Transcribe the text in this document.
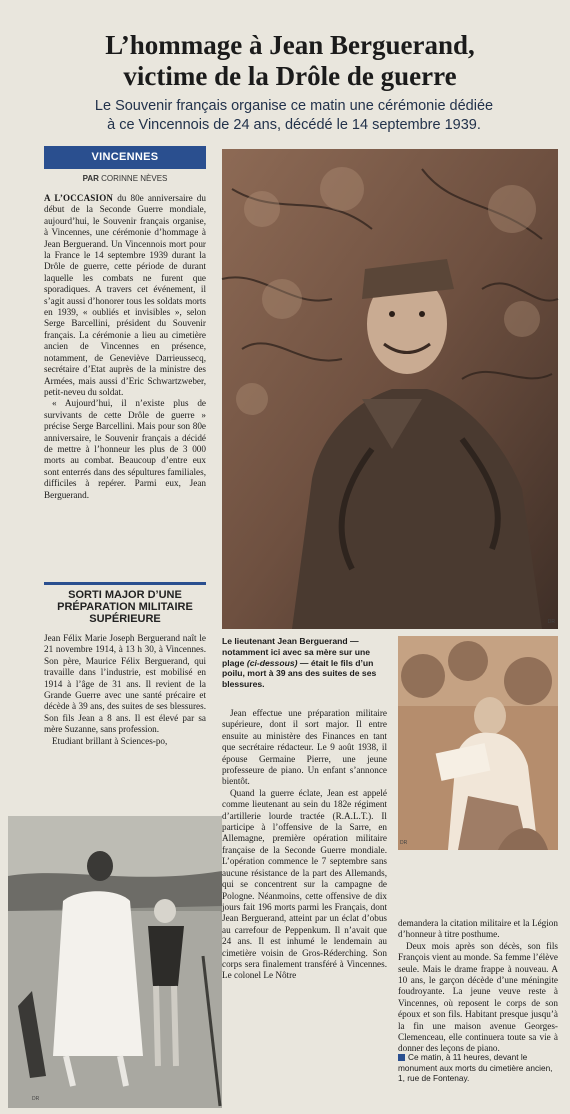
L’hommage à Jean Berguerand,
victime de la Drôle de guerre
Le Souvenir français organise ce matin une cérémonie dédiée
à ce Vincennois de 24 ans, décédé le 14 septembre 1939.
VINCENNES
PAR CORINNE NÈVES

A L’OCCASION du 80e anniversaire du début de la Seconde Guerre mondiale, aujourd’hui, le Souvenir français organise, à Vincennes, une cérémonie d’hommage à Jean Berguerand. Un Vincennois mort pour la France le 14 septembre 1939 durant la Drôle de guerre, cette période de durant laquelle les combats ne furent que sporadiques. A travers cet événement, il s’agit aussi d’honorer tous les soldats morts en 1939, « oubliés et invisibles », selon Serge Barcellini, président du Souvenir français. La cérémonie a lieu au cimetière ancien de Vincennes en présence, notamment, de Geneviève Darrieussecq, secrétaire d’Etat auprès de la ministre des Armées, mais aussi d’Eric Schwartzweber, petit-neveu du soldat.

« Aujourd’hui, il n’existe plus de survivants de cette Drôle de guerre » précise Serge Barcellini. Mais pour son 80e anniversaire, le Souvenir français a décidé de mettre à l’honneur les plus de 3 000 morts au combat. Beaucoup d’entre eux sont enterrés dans des sépultures familiales, difficiles à repérer. Parmi eux, Jean Berguerand.

SORTI MAJOR D’UNE PRÉPARATION MILITAIRE SUPÉRIEURE

Jean Félix Marie Joseph Berguerand naît le 21 novembre 1914, à 13 h 30, à Vincennes. Son père, Maurice Félix Berguerand, qui travaille dans l’industrie, est mobilisé en 1914 à l’âge de 31 ans. Il revient de la Grande Guerre avec une santé précaire et décède à 39 ans, des suites de ses blessures. Son fils Jean a 8 ans. Il est élevé par sa mère Suzanne, sans profession.

Etudiant brillant à Sciences-po,

DR
Le lieutenant Jean Berguerand — notamment ici avec sa mère sur une plage (ci-dessous) — était le fils d’un poilu, mort à 39 ans des suites de ses blessures.
DR
DR

Jean effectue une préparation militaire supérieure, dont il sort major. Il entre ensuite au ministère des Finances en tant que secrétaire rédacteur. Le 9 août 1938, il épouse Germaine Pierre, une jeune professeure de piano. Un enfant s’annonce bientôt.

Quand la guerre éclate, Jean est appelé comme lieutenant au sein du 182e régiment d’artillerie lourde tractée (R.A.L.T.). Il participe à l’offensive de la Sarre, en Allemagne, première opération militaire française de la Seconde Guerre mondiale. L’opération commence le 7 septembre sans aucune résistance de la part des Allemands, qui se concentrent sur la campagne de Pologne. Néanmoins, cette offensive de dix jours fait 196 morts parmi les Français, dont Jean Berguerand, atteint par un éclat d’obus au carrefour de Peppenkum. Il n’avait que 24 ans. Il est inhumé le lendemain au cimetière voisin de Gros-Réderching. Son corps sera finalement transféré à Vincennes. Le colonel Le Nôtre

demandera la citation militaire et la Légion d’honneur à titre posthume.

Deux mois après son décès, son fils François vient au monde. Sa femme l’élève seule. Mais le drame frappe à nouveau. A 10 ans, le garçon décède d’une méningite foudroyante. La jeune veuve reste à Vincennes, où reposent le corps de son époux et son fils. Habitant presque jusqu’à la fin une maison avenue Georges-Clemenceau, elle continuera toute sa vie à donner des leçons de piano.

Ce matin, à 11 heures, devant le monument aux morts du cimetière ancien, 1, rue de Fontenay.
